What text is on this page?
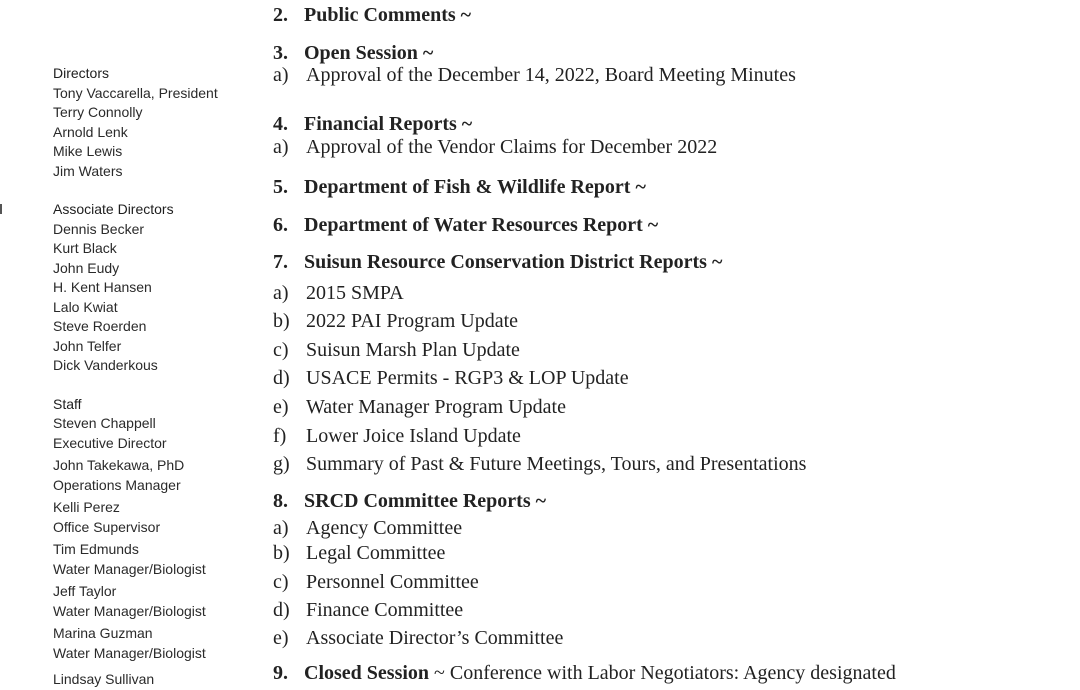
Directors
Tony Vaccarella, President
Terry Connolly
Arnold Lenk
Mike Lewis
Jim Waters
Associate Directors
Dennis Becker
Kurt Black
John Eudy
H. Kent Hansen
Lalo Kwiat
Steve Roerden
John Telfer
Dick Vanderkous
Staff
Steven Chappell
Executive Director
John Takekawa, PhD
Operations Manager
Kelli Perez
Office Supervisor
Tim Edmunds
Water Manager/Biologist
Jeff Taylor
Water Manager/Biologist
Marina Guzman
Water Manager/Biologist
Lindsay Sullivan
2. Public Comments ~
3. Open Session ~
a) Approval of the December 14, 2022, Board Meeting Minutes
4. Financial Reports ~
a) Approval of the Vendor Claims for December 2022
5. Department of Fish & Wildlife Report ~
6. Department of Water Resources Report ~
7. Suisun Resource Conservation District Reports ~
a) 2015 SMPA
b) 2022 PAI Program Update
c) Suisun Marsh Plan Update
d) USACE Permits - RGP3 & LOP Update
e) Water Manager Program Update
f) Lower Joice Island Update
g) Summary of Past & Future Meetings, Tours, and Presentations
8. SRCD Committee Reports ~
a) Agency Committee
b) Legal Committee
c) Personnel Committee
d) Finance Committee
e) Associate Director’s Committee
9. Closed Session ~ Conference with Labor Negotiators: Agency designated
